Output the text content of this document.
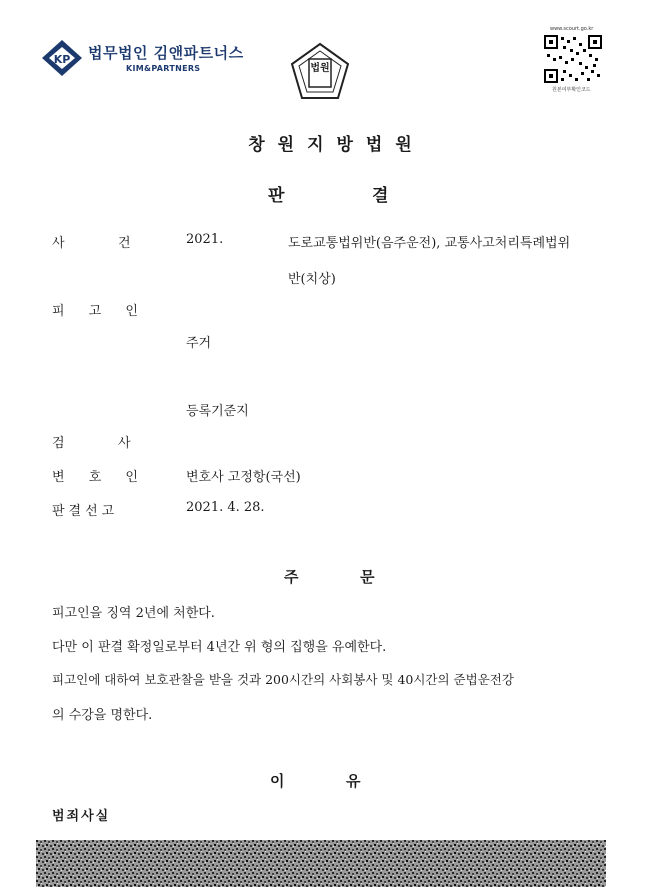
KP 법무법인 김앤파트너스
KIM&PARTNERS	법원
www.scourt.go.kr
원본여부확인코드
창원지방법원
판	결
사	건	2021.	도로교통법위반(음주운전), 교통사고처리특례법위
반(치상)
피 고 인
주거
등록기준지
검	사
변 호 인	변호사 고정항(국선)
판결선고	2021. 4. 28.
주	문
피고인을 징역 2년에 처한다.
다만 이 판결 확정일로부터 4년간 위 형의 집행을 유예한다.
피고인에 대하여 보호관찰을 받을 것과 200시간의 사회봉사 및 40시간의 준법운전강
의 수강을 명한다.
이	유
범죄사실
